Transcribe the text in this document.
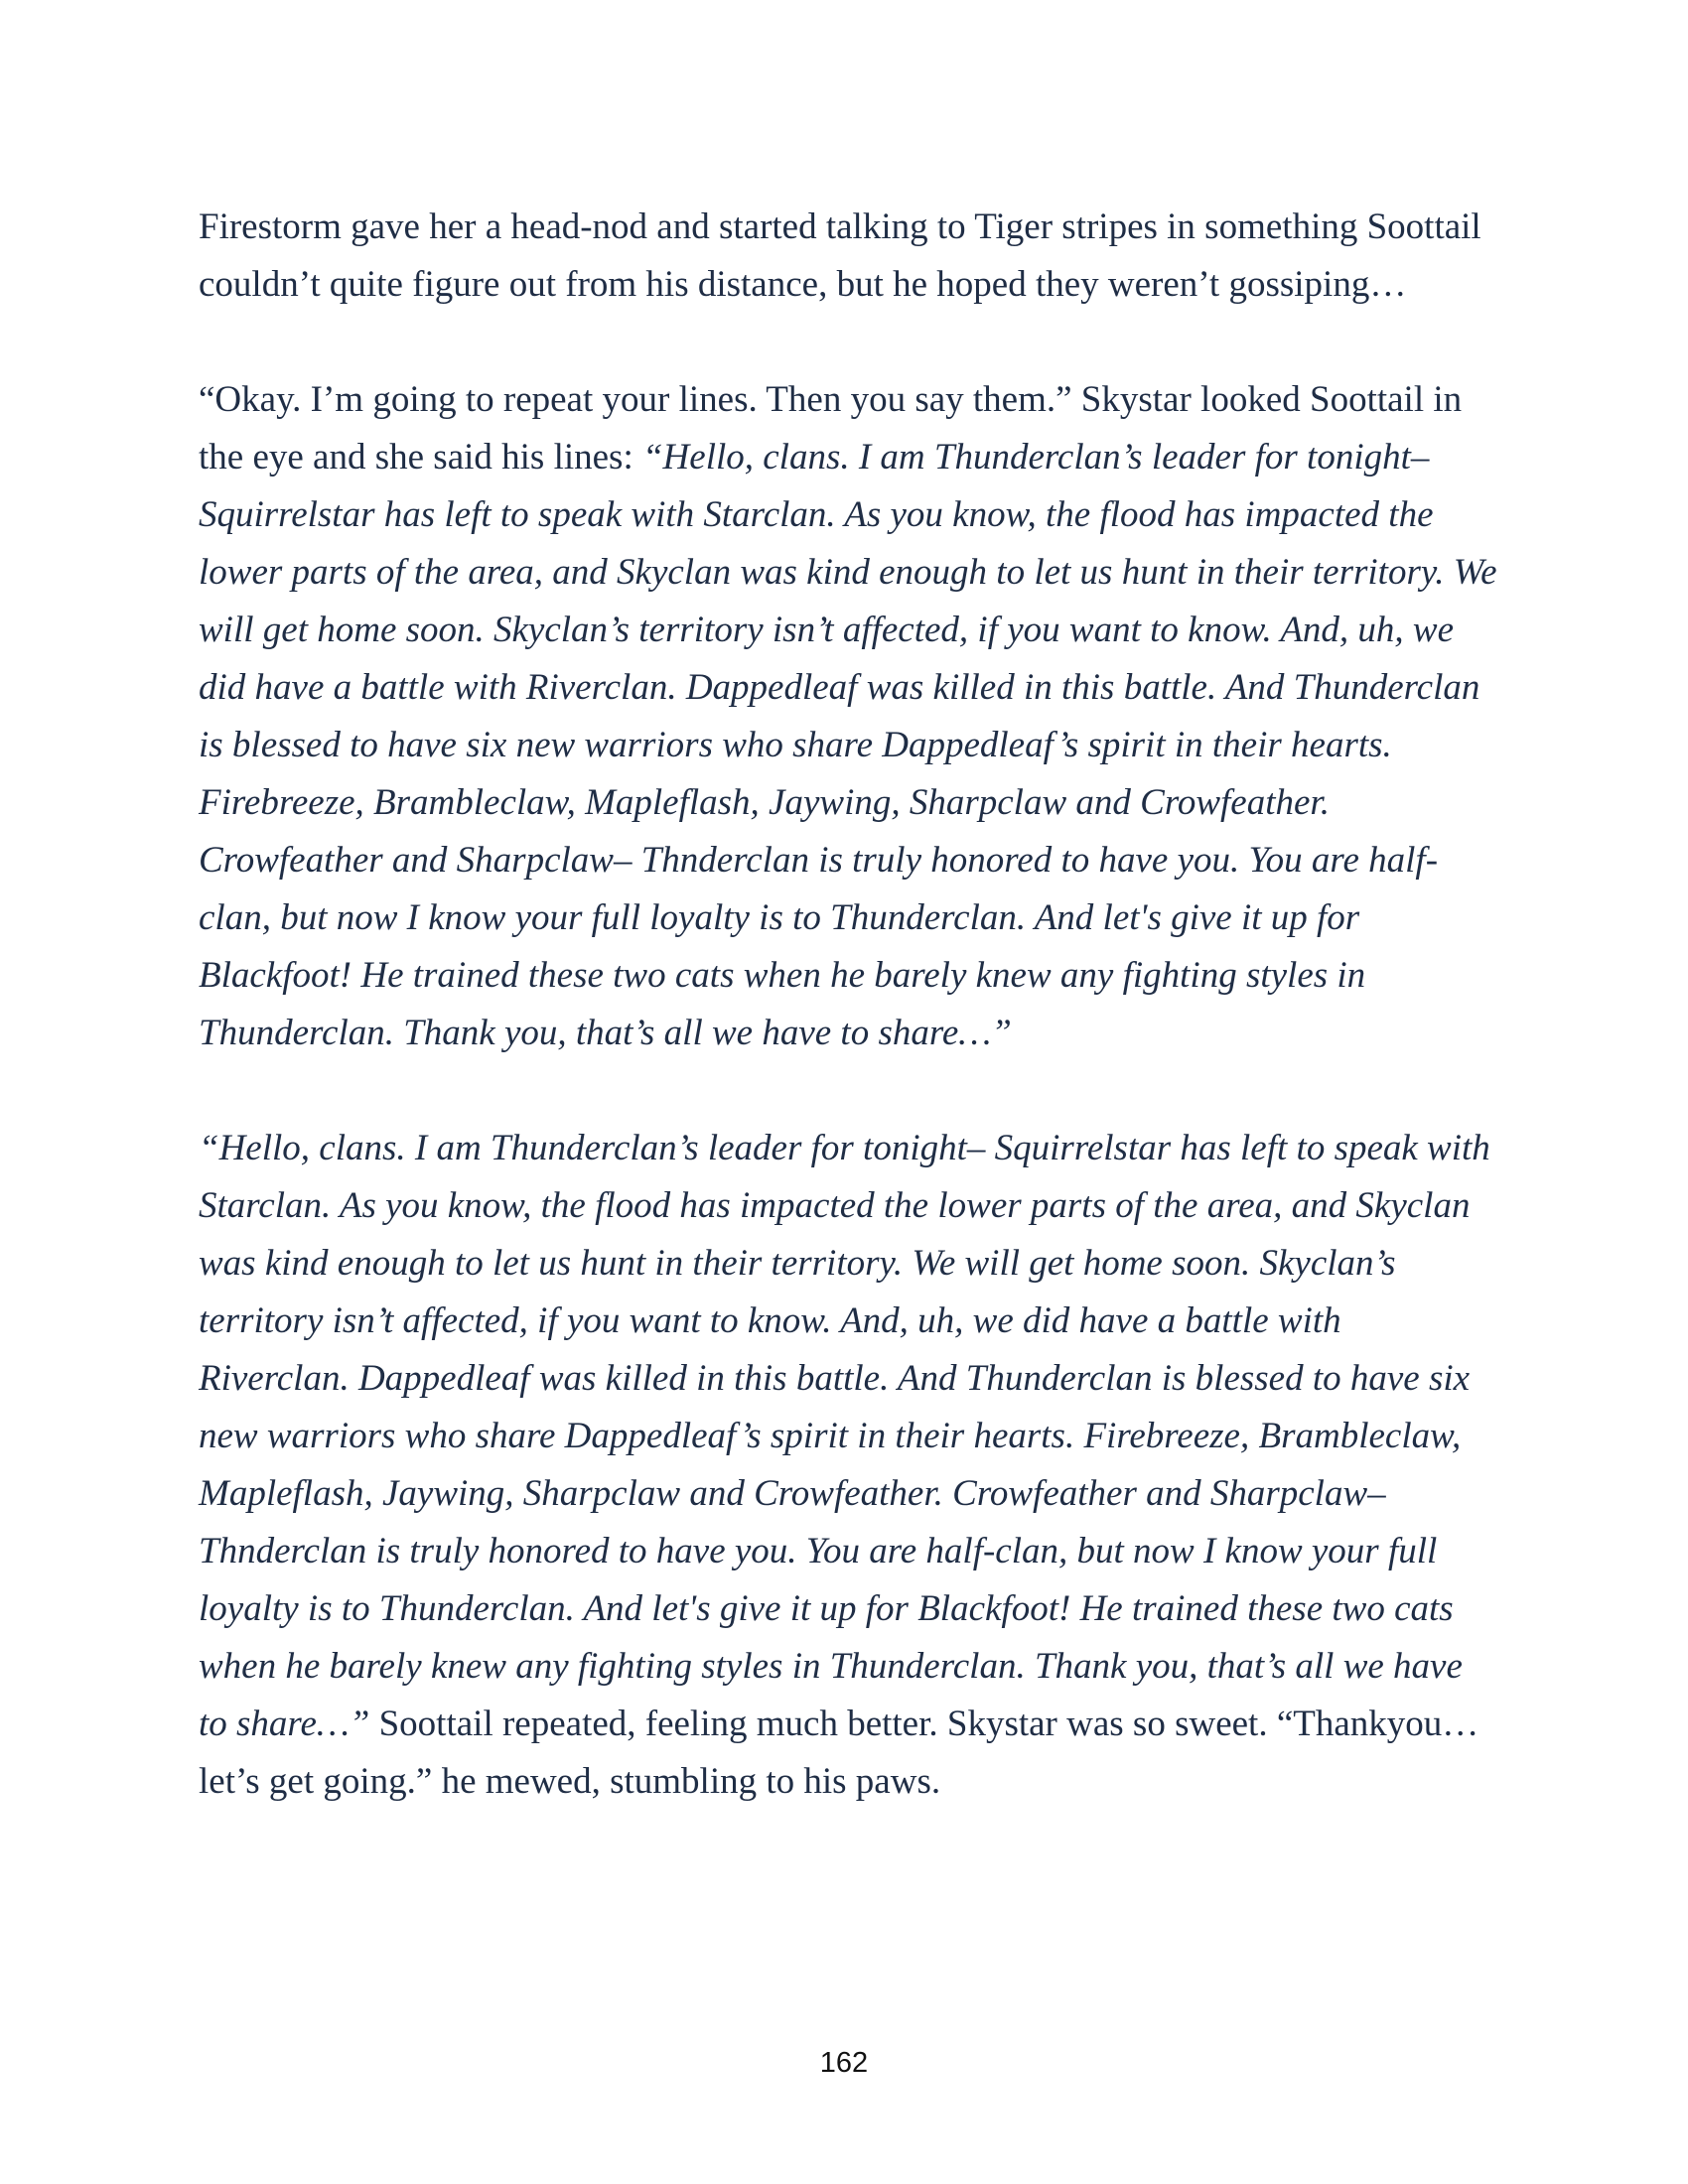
Firestorm gave her a head-nod and started talking to Tiger stripes in something Soottail couldn’t quite figure out from his distance, but he hoped they weren’t gossiping…

“Okay. I’m going to repeat your lines. Then you say them.” Skystar looked Soottail in the eye and she said his lines: “Hello, clans. I am Thunderclan’s leader for tonight– Squirrelstar has left to speak with Starclan. As you know, the flood has impacted the lower parts of the area, and Skyclan was kind enough to let us hunt in their territory. We will get home soon. Skyclan’s territory isn’t affected, if you want to know. And, uh, we did have a battle with Riverclan. Dappedleaf was killed in this battle. And Thunderclan is blessed to have six new warriors who share Dappedleaf’s spirit in their hearts. Firebreeze, Brambleclaw, Mapleflash, Jaywing, Sharpclaw and Crowfeather. Crowfeather and Sharpclaw– Thnderclan is truly honored to have you. You are half-clan, but now I know your full loyalty is to Thunderclan. And let's give it up for Blackfoot! He trained these two cats when he barely knew any fighting styles in Thunderclan. Thank you, that’s all we have to share…”

“Hello, clans. I am Thunderclan’s leader for tonight– Squirrelstar has left to speak with Starclan. As you know, the flood has impacted the lower parts of the area, and Skyclan was kind enough to let us hunt in their territory. We will get home soon. Skyclan’s territory isn’t affected, if you want to know. And, uh, we did have a battle with Riverclan. Dappedleaf was killed in this battle. And Thunderclan is blessed to have six new warriors who share Dappedleaf’s spirit in their hearts. Firebreeze, Brambleclaw, Mapleflash, Jaywing, Sharpclaw and Crowfeather. Crowfeather and Sharpclaw– Thnderclan is truly honored to have you. You are half-clan, but now I know your full loyalty is to Thunderclan. And let's give it up for Blackfoot! He trained these two cats when he barely knew any fighting styles in Thunderclan. Thank you, that’s all we have to share…” Soottail repeated, feeling much better. Skystar was so sweet. “Thankyou… let’s get going.” he mewed, stumbling to his paws.

162
